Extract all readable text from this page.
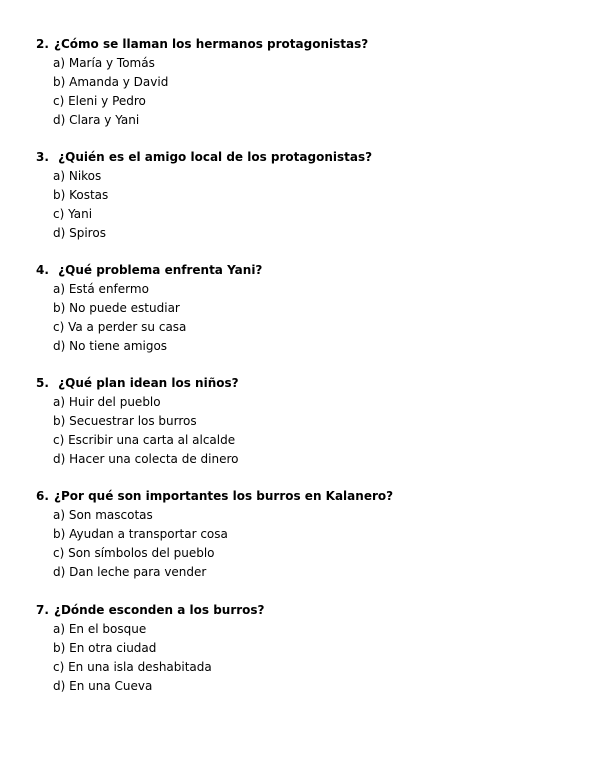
2. ¿Cómo se llaman los hermanos protagonistas?
a) María y Tomás
b) Amanda y David
c) Eleni y Pedro
d) Clara y Yani
3. ¿Quién es el amigo local de los protagonistas?
a) Nikos
b) Kostas
c) Yani
d) Spiros
4. ¿Qué problema enfrenta Yani?
a) Está enfermo
b) No puede estudiar
c) Va a perder su casa
d) No tiene amigos
5. ¿Qué plan idean los niños?
a) Huir del pueblo
b) Secuestrar los burros
c) Escribir una carta al alcalde
d) Hacer una colecta de dinero
6. ¿Por qué son importantes los burros en Kalanero?
a) Son mascotas
b) Ayudan a transportar cosa
c) Son símbolos del pueblo
d) Dan leche para vender
7. ¿Dónde esconden a los burros?
a) En el bosque
b) En otra ciudad
c) En una isla deshabitada
d) En una Cueva
